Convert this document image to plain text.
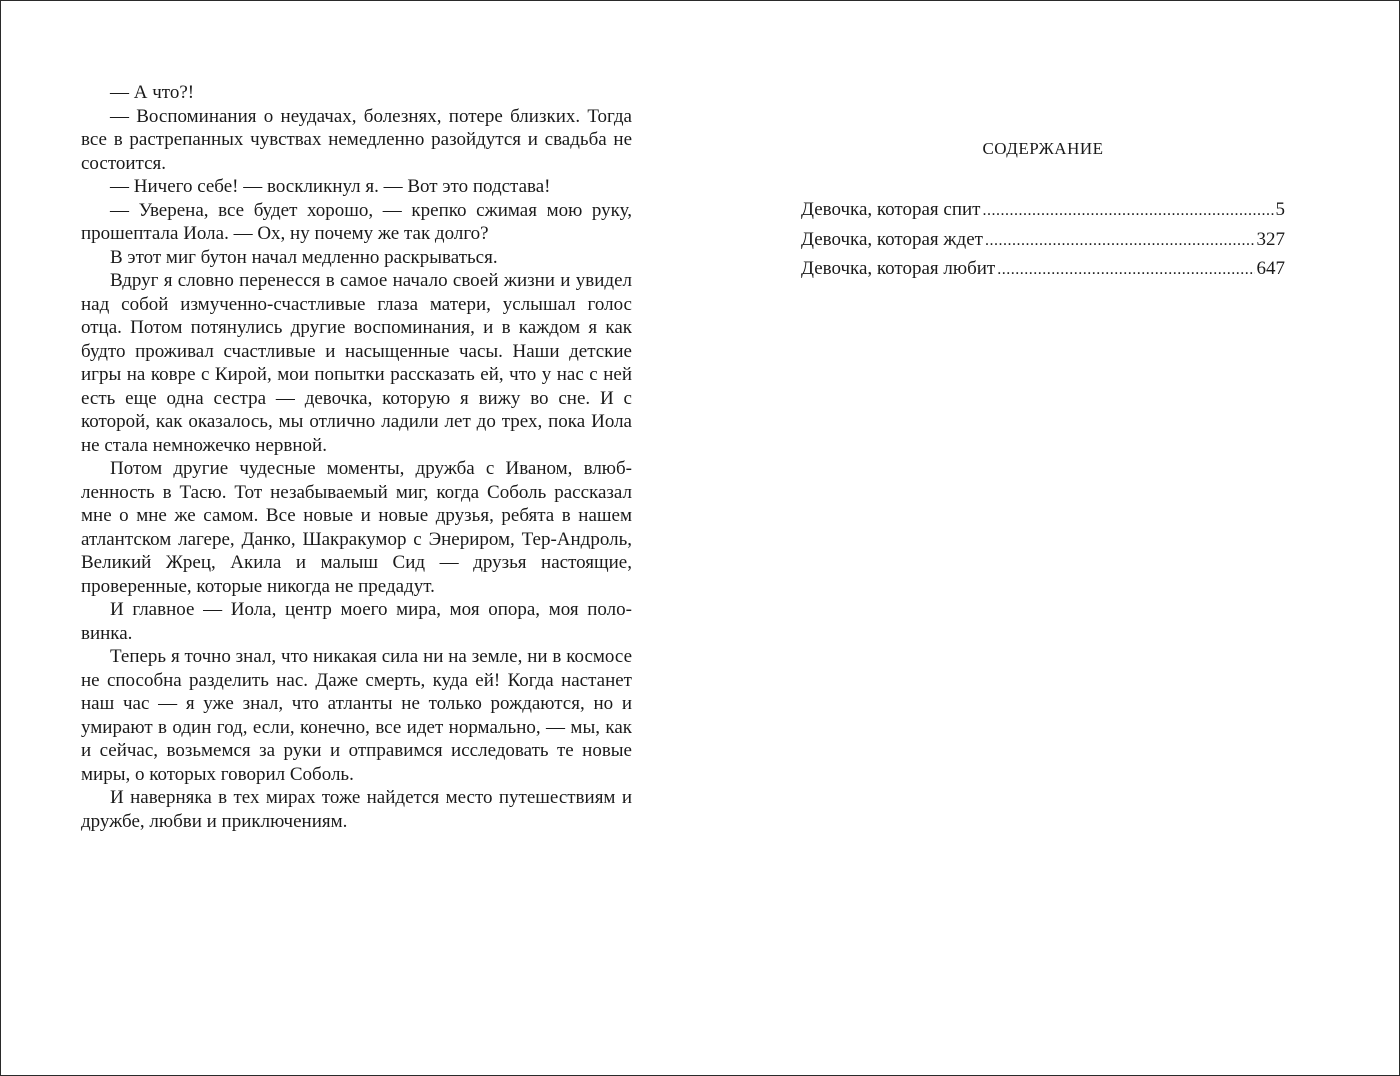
— А что?!

— Воспоминания о неудачах, болезнях, потере близких. Тогда все в растрепанных чувствах немедленно разойдутся и свадьба не состоится.

— Ничего себе! — воскликнул я. — Вот это подстава!

— Уверена, все будет хорошо, — крепко сжимая мою руку, прошептала Иола. — Ох, ну почему же так долго?

В этот миг бутон начал медленно раскрываться.

Вдруг я словно перенесся в самое начало своей жизни и увидел над собой измученно-счастливые глаза матери, услышал голос отца. Потом потянулись другие воспоминания, и в каждом я как будто проживал счастливые и насыщенные часы. Наши детские игры на ковре с Кирой, мои попытки рассказать ей, что у нас с ней есть еще одна сестра — девочка, которую я вижу во сне. И с которой, как оказалось, мы отлично ладили лет до трех, пока Иола не стала немножечко нервной.

Потом другие чудесные моменты, дружба с Иваном, влюбленность в Тасю. Тот незабываемый миг, когда Соболь рассказал мне о мне же самом. Все новые и новые друзья, ребята в нашем атлантском лагере, Данко, Шакракумор с Энериром, Тер-Андроль, Великий Жрец, Акила и малыш Сид — друзья настоящие, проверенные, которые никогда не предадут.

И главное — Иола, центр моего мира, моя опора, моя половинка.

Теперь я точно знал, что никакая сила ни на земле, ни в космосе не способна разделить нас. Даже смерть, куда ей! Когда настанет наш час — я уже знал, что атланты не только рождаются, но и умирают в один год, если, конечно, все идет нормально, — мы, как и сейчас, возьмемся за руки и отправимся исследовать те новые миры, о которых говорил Соболь.

И наверняка в тех мирах тоже найдется место путешествиям и дружбе, любви и приключениям.

СОДЕРЖАНИЕ
Девочка, которая спит .....	5
Девочка, которая ждет .....	327
Девочка, которая любит .....	647
